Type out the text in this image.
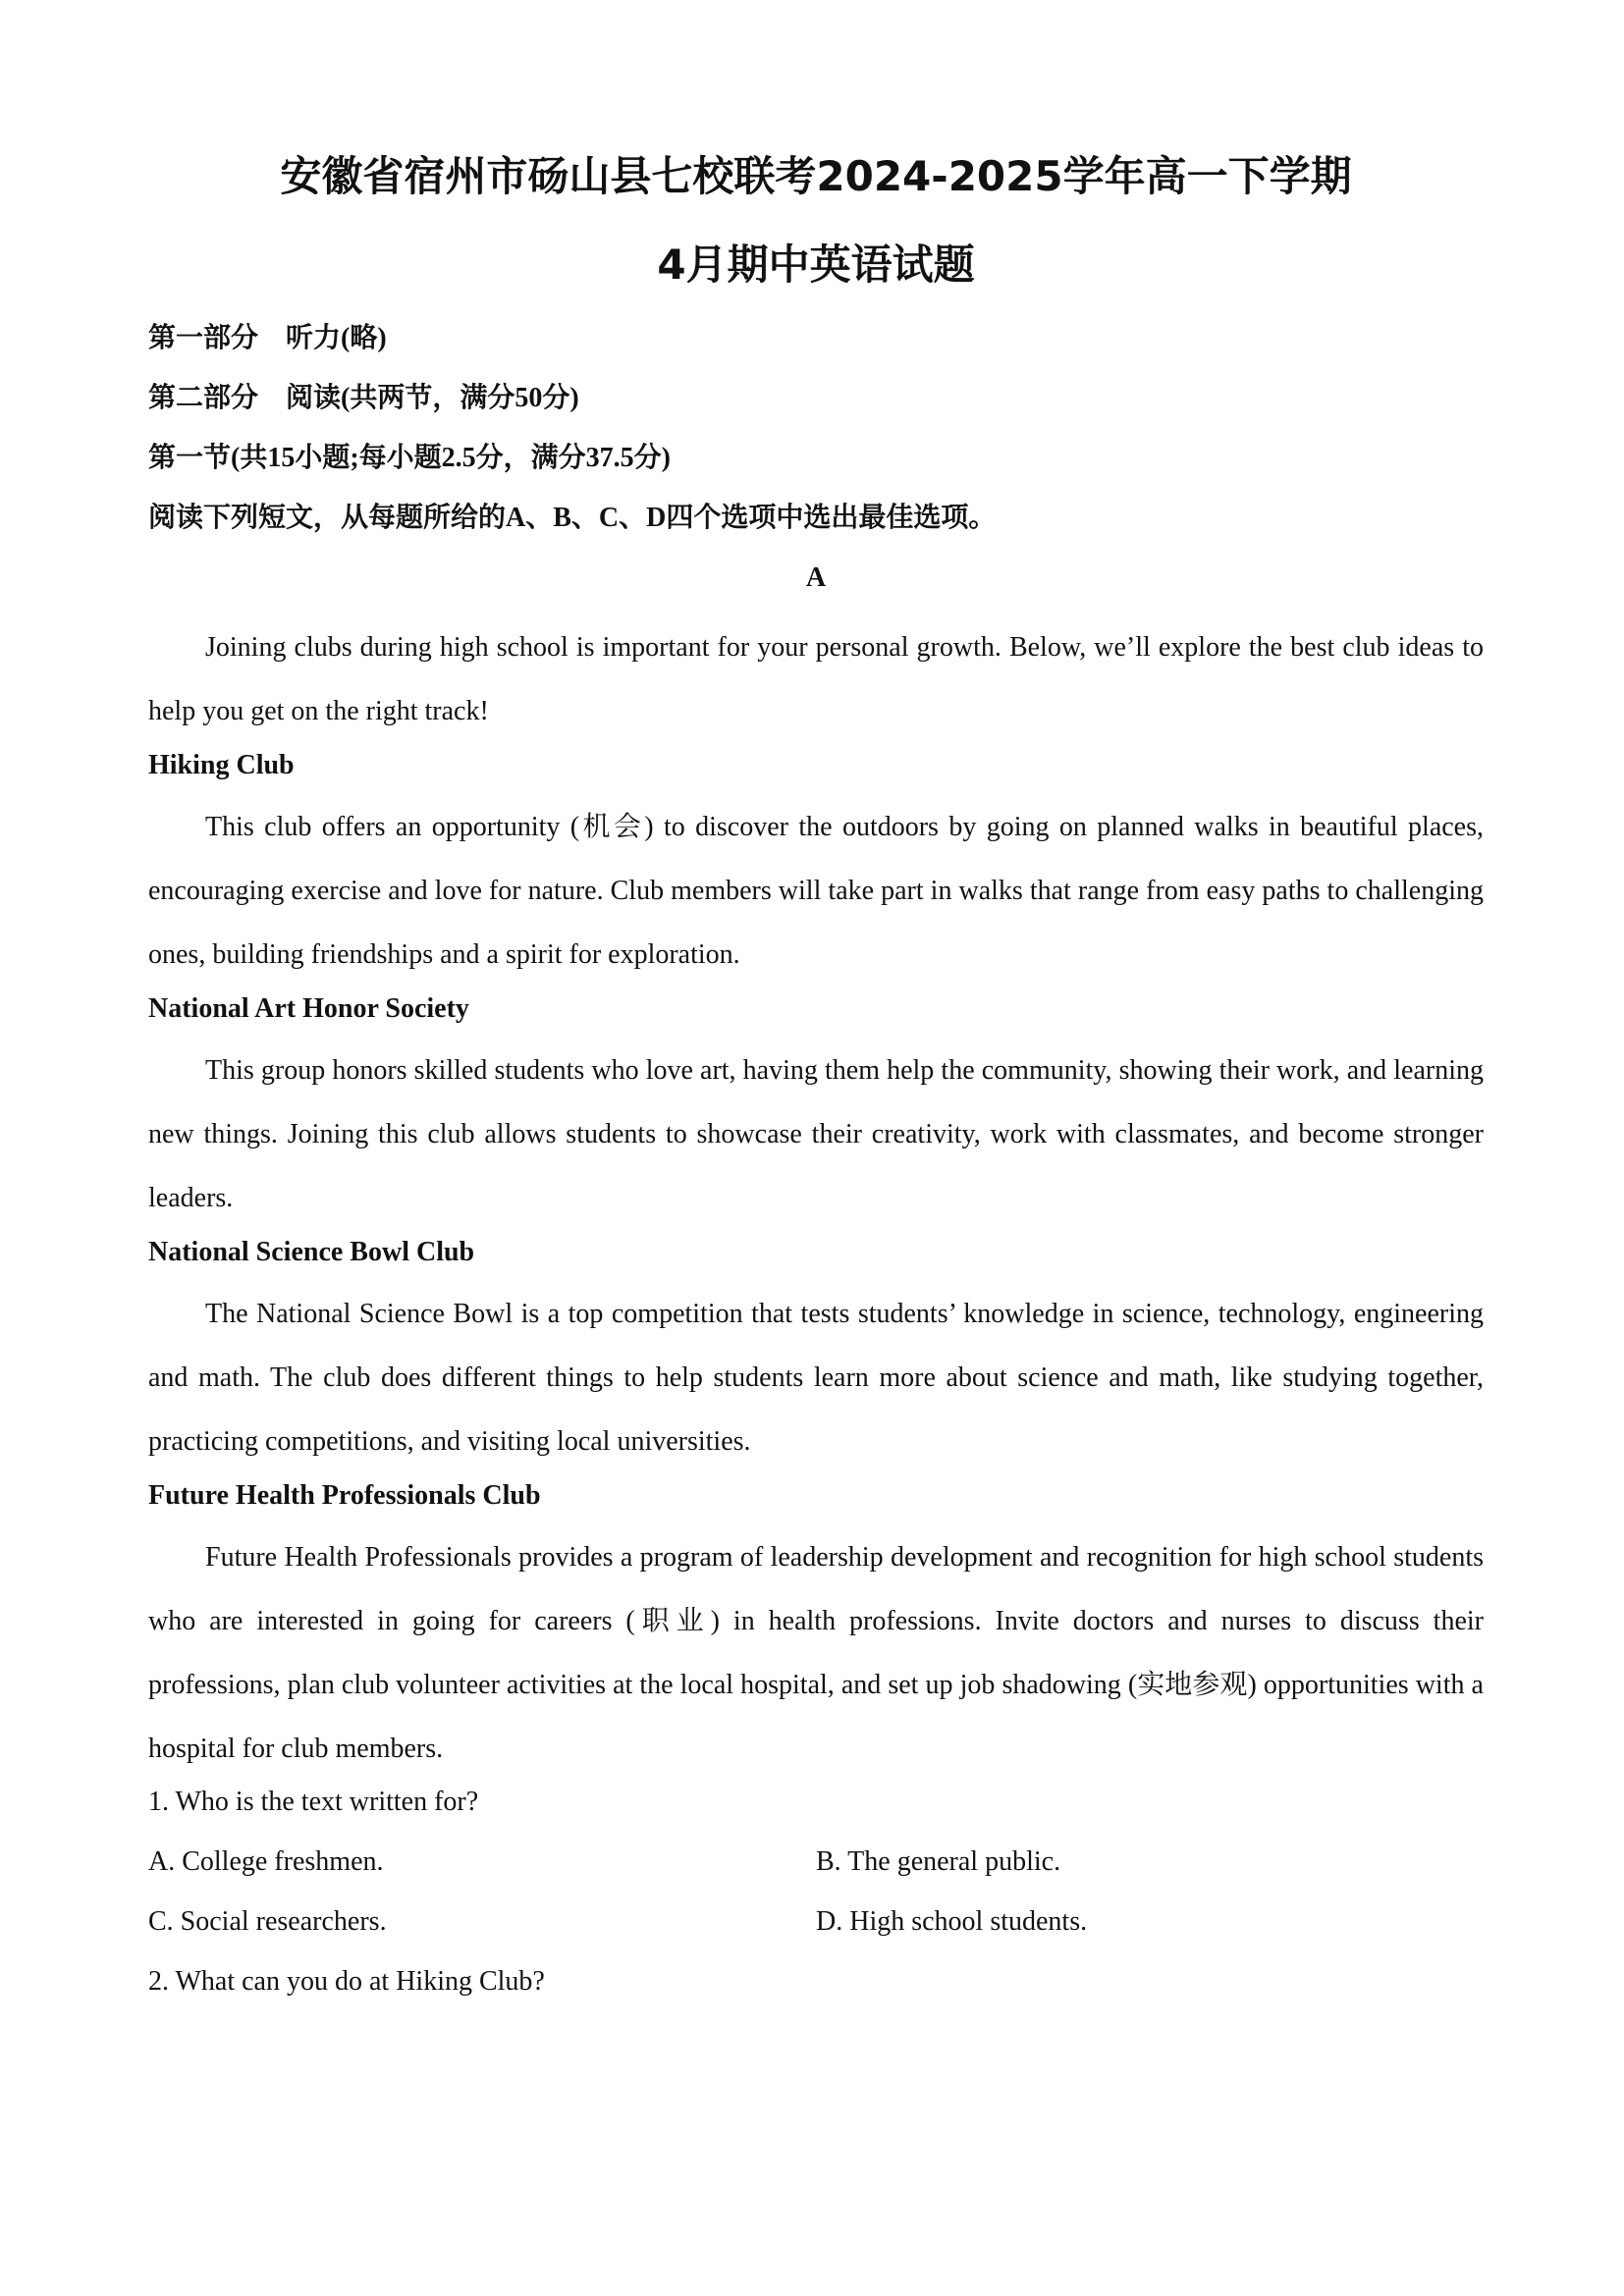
安徽省宿州市砀山县七校联考2024-2025学年高一下学期
4月期中英语试题

第一部分　听力(略)

第二部分　阅读(共两节，满分50分)

第一节(共15小题;每小题2.5分，满分37.5分)

阅读下列短文，从每题所给的A、B、C、D四个选项中选出最佳选项。

A

Joining clubs during high school is important for your personal growth. Below, we’ll explore the best club ideas to help you get on the right track!

Hiking Club

This club offers an opportunity (机会) to discover the outdoors by going on planned walks in beautiful places, encouraging exercise and love for nature. Club members will take part in walks that range from easy paths to challenging ones, building friendships and a spirit for exploration.

National Art Honor Society

This group honors skilled students who love art, having them help the community, showing their work, and learning new things. Joining this club allows students to showcase their creativity, work with classmates, and become stronger leaders.

National Science Bowl Club

The National Science Bowl is a top competition that tests students’ knowledge in science, technology, engineering and math. The club does different things to help students learn more about science and math, like studying together, practicing competitions, and visiting local universities.

Future Health Professionals Club

Future Health Professionals provides a program of leadership development and recognition for high school students who are interested in going for careers (职业) in health professions. Invite doctors and nurses to discuss their professions, plan club volunteer activities at the local hospital, and set up job shadowing (实地参观) opportunities with a hospital for club members.

1. Who is the text written for?

A. College freshmen.	B. The general public.
C. Social researchers.	D. High school students.

2. What can you do at Hiking Club?
